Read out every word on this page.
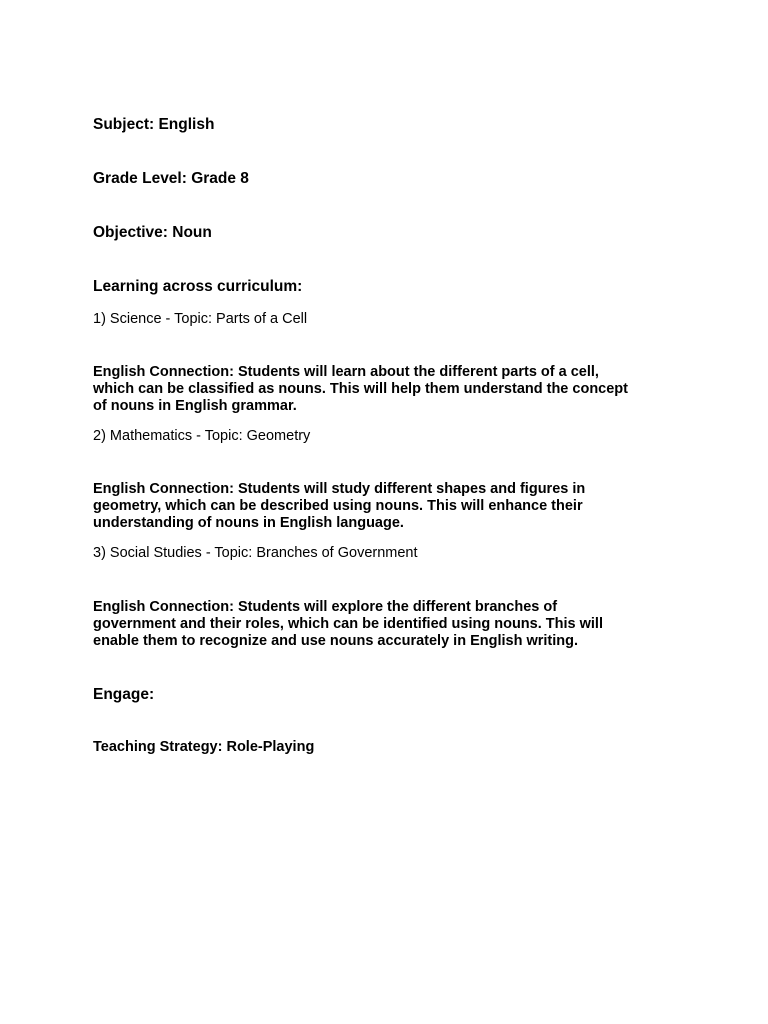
Subject: English

Grade Level: Grade 8

Objective: Noun

Learning across curriculum:

1) Science - Topic: Parts of a Cell

English Connection: Students will learn about the different parts of a cell,
which can be classified as nouns. This will help them understand the concept
of nouns in English grammar.

2) Mathematics - Topic: Geometry

English Connection: Students will study different shapes and figures in
geometry, which can be described using nouns. This will enhance their
understanding of nouns in English language.

3) Social Studies - Topic: Branches of Government

English Connection: Students will explore the different branches of
government and their roles, which can be identified using nouns. This will
enable them to recognize and use nouns accurately in English writing.

Engage:

Teaching Strategy: Role-Playing
